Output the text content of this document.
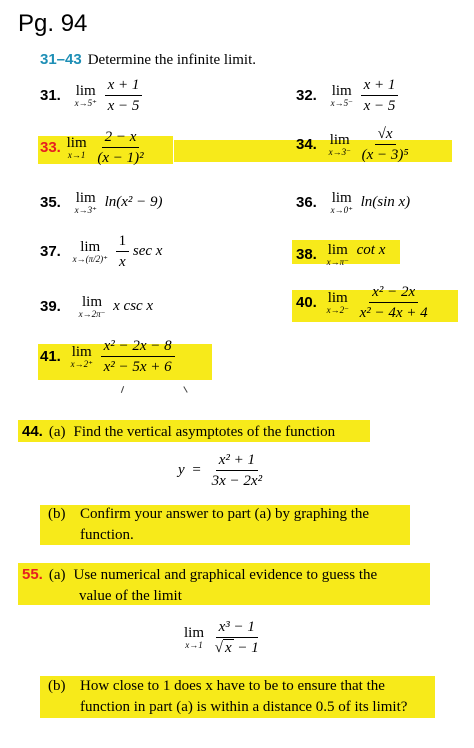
Pg. 94
31–43 Determine the infinite limit.
31. lim
x→5⁺
$\frac{x + 1}{x - 5}$	32. lim
x→5⁻
$\frac{x + 1}{x - 5}$
33. lim
x→1
$\frac{2 - x}{\text{(x − 1)²}}$	34. lim
x→3⁻
$\frac{√x}{\text{(x − 3)⁵}}$
35. lim
x→3⁺ ln(x² − 9)	36. lim
x→0⁺ ln(sin x)
37. lim
x→(π/2)⁺
$\frac{1}{x}$ sec x	38. lim
x→π⁻
cot x
39. lim
x→2π⁻ x csc x	40. lim
x→2⁻
$\frac{\text{x² − 2x}}{\text{x² − 4x + 4}}$
41. lim
x→2⁺
$\frac{\text{x² − 2x − 8}}{\text{x² − 5x + 6}}$
44. (a) Find the vertical asymptotes of the function
$y = \frac{\text{x² + 1}}{\text{3x − 2x²}}$
(b) Confirm your answer to part (a) by graphing the
function.
55. (a) Use numerical and graphical evidence to guess the
value of the limit
lim
x→1
$\frac{\text{x³ − 1}}{√ x - 1}$
(b) How close to 1 does x have to be to ensure that the
function in part (a) is within a distance 0.5 of its limit?
